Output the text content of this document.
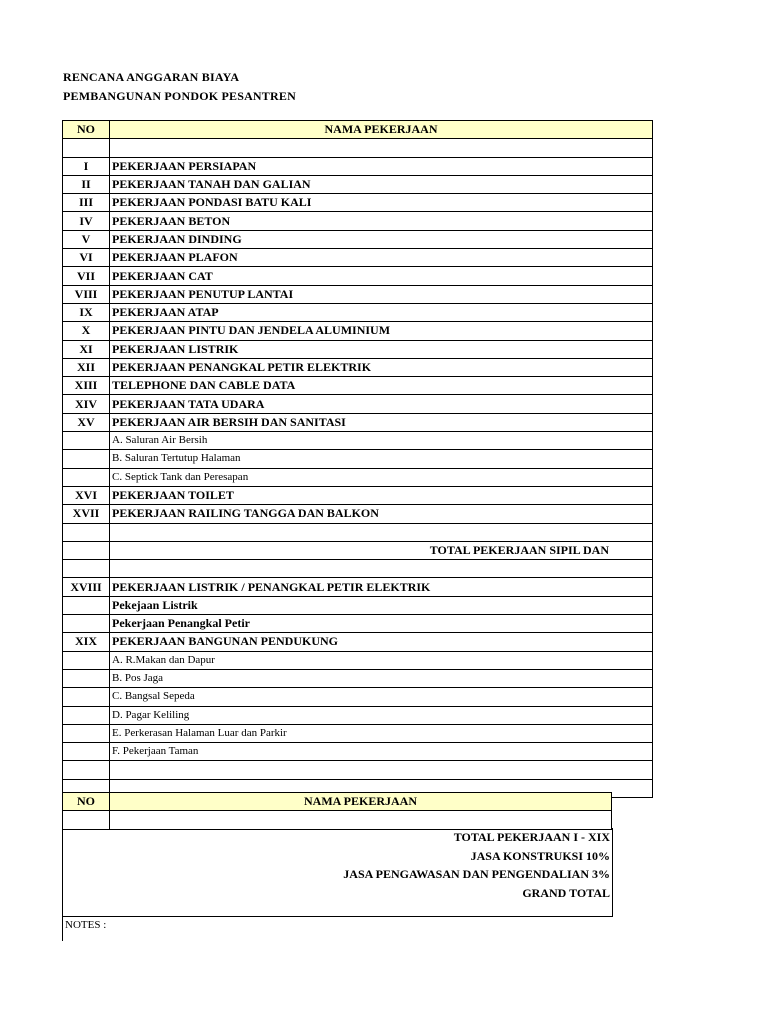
RENCANA ANGGARAN BIAYA
PEMBANGUNAN PONDOK PESANTREN
NO	NAMA PEKERJAAN

I	PEKERJAAN PERSIAPAN
II	PEKERJAAN TANAH DAN GALIAN
III	PEKERJAAN PONDASI BATU KALI
IV	PEKERJAAN BETON
V	PEKERJAAN DINDING
VI	PEKERJAAN PLAFON
VII	PEKERJAAN CAT
VIII	PEKERJAAN PENUTUP LANTAI
IX	PEKERJAAN ATAP
X	PEKERJAAN PINTU DAN JENDELA ALUMINIUM
XI	PEKERJAAN LISTRIK
XII	PEKERJAAN PENANGKAL PETIR ELEKTRIK
XIII	TELEPHONE DAN CABLE DATA
XIV	PEKERJAAN TATA UDARA
XV	PEKERJAAN AIR BERSIH DAN SANITASI
	A. Saluran Air Bersih
	B. Saluran Tertutup Halaman
	C. Septick Tank dan Peresapan
XVI	PEKERJAAN TOILET
XVII	PEKERJAAN RAILING TANGGA DAN BALKON

	TOTAL PEKERJAAN SIPIL DAN

XVIII	PEKERJAAN LISTRIK / PENANGKAL PETIR ELEKTRIK
	Pekejaan Listrik
	Pekerjaan Penangkal Petir
XIX	PEKERJAAN BANGUNAN PENDUKUNG
	A. R.Makan dan Dapur
	B. Pos Jaga
	C. Bangsal Sepeda
	D. Pagar Keliling
	E. Perkerasan Halaman Luar dan Parkir
	F. Pekerjaan Taman

NO	NAMA PEKERJAAN

TOTAL PEKERJAAN I - XIX
JASA KONSTRUKSI 10%
JASA PENGAWASAN DAN PENGENDALIAN 3%
GRAND TOTAL
NOTES :
